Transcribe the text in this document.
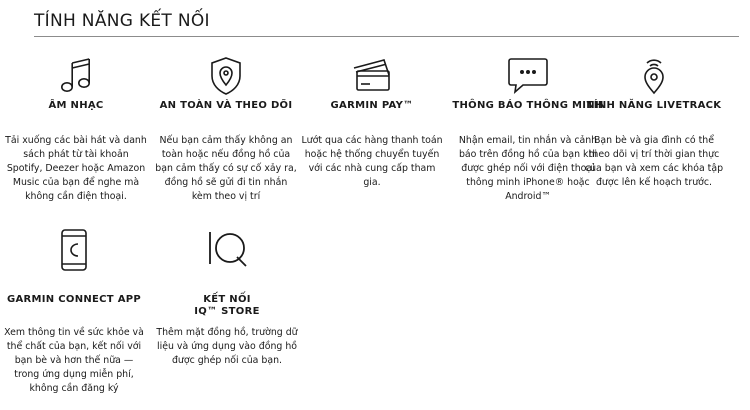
TÍNH NĂNG KẾT NỐI
ÂM NHẠC
Tải xuống các bài hát và danh sách phát từ tài khoản Spotify, Deezer hoặc Amazon Music của bạn để nghe mà không cần điện thoại.
AN TOÀN VÀ THEO DÕI
Nếu bạn cảm thấy không an toàn hoặc nếu đồng hồ của bạn cảm thấy có sự cố xảy ra, đồng hồ sẽ gửi đi tin nhắn kèm theo vị trí
GARMIN PAY™
Lướt qua các hàng thanh toán hoặc hệ thống chuyển tuyến với các nhà cung cấp tham gia.
THÔNG BÁO THÔNG MINH
Nhận email, tin nhắn và cảnh báo trên đồng hồ của bạn khi được ghép nối với điện thoại thông minh iPhone® hoặc Android™
TÍNH NĂNG LIVETRACK
Bạn bè và gia đình có thể theo dõi vị trí thời gian thực của bạn và xem các khóa tập được lên kế hoạch trước.
GARMIN CONNECT APP
Xem thông tin về sức khỏe và thể chất của bạn, kết nối với bạn bè và hơn thế nữa — trong ứng dụng miễn phí, không cần đăng ký
KẾT NỐI
IQ™ STORE
Thêm mặt đồng hồ, trường dữ liệu và ứng dụng vào đồng hồ được ghép nối của bạn.
